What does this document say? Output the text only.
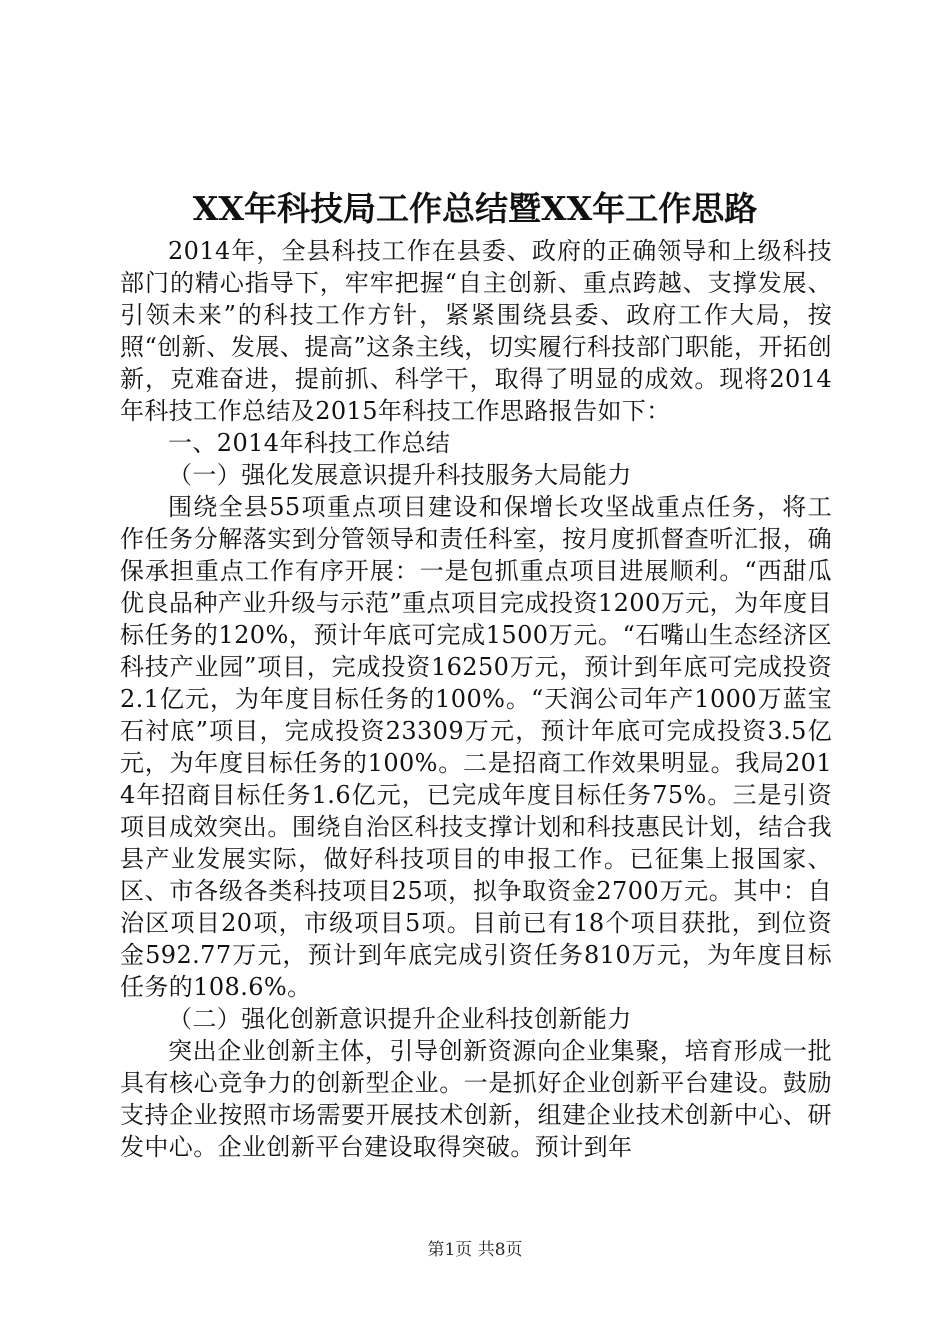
XX年科技局工作总结暨XX年工作思路

2014年，全县科技工作在县委、政府的正确领导和上级科技部门的精心指导下，牢牢把握“自主创新、重点跨越、支撑发展、引领未来”的科技工作方针，紧紧围绕县委、政府工作大局，按照“创新、发展、提高”这条主线，切实履行科技部门职能，开拓创新，克难奋进，提前抓、科学干，取得了明显的成效。现将2014年科技工作总结及2015年科技工作思路报告如下：

一、2014年科技工作总结

（一）强化发展意识提升科技服务大局能力

围绕全县55项重点项目建设和保增长攻坚战重点任务，将工作任务分解落实到分管领导和责任科室，按月度抓督查听汇报，确保承担重点工作有序开展：一是包抓重点项目进展顺利。“西甜瓜优良品种产业升级与示范”重点项目完成投资1200万元，为年度目标任务的120%，预计年底可完成1500万元。“石嘴山生态经济区科技产业园”项目，完成投资16250万元，预计到年底可完成投资2.1亿元，为年度目标任务的100%。“天润公司年产1000万蓝宝石衬底”项目，完成投资23309万元，预计年底可完成投资3.5亿元，为年度目标任务的100%。二是招商工作效果明显。我局201 4年招商目标任务1.6亿元，已完成年度目标任务75%。三是引资项目成效突出。围绕自治区科技支撑计划和科技惠民计划，结合我县产业发展实际，做好科技项目的申报工作。已征集上报国家、区、市各级各类科技项目25项，拟争取资金2700万元。其中：自治区项目20项，市级项目5项。目前已有18个项目获批，到位资金592.77万元，预计到年底完成引资任务810万元，为年度目标任务的108.6%。

（二）强化创新意识提升企业科技创新能力

突出企业创新主体，引导创新资源向企业集聚，培育形成一批具有核心竞争力的创新型企业。一是抓好企业创新平台建设。鼓励支持企业按照市场需要开展技术创新，组建企业技术创新中心、研发中心。企业创新平台建设取得突破。预计到年

第1页 共8页
